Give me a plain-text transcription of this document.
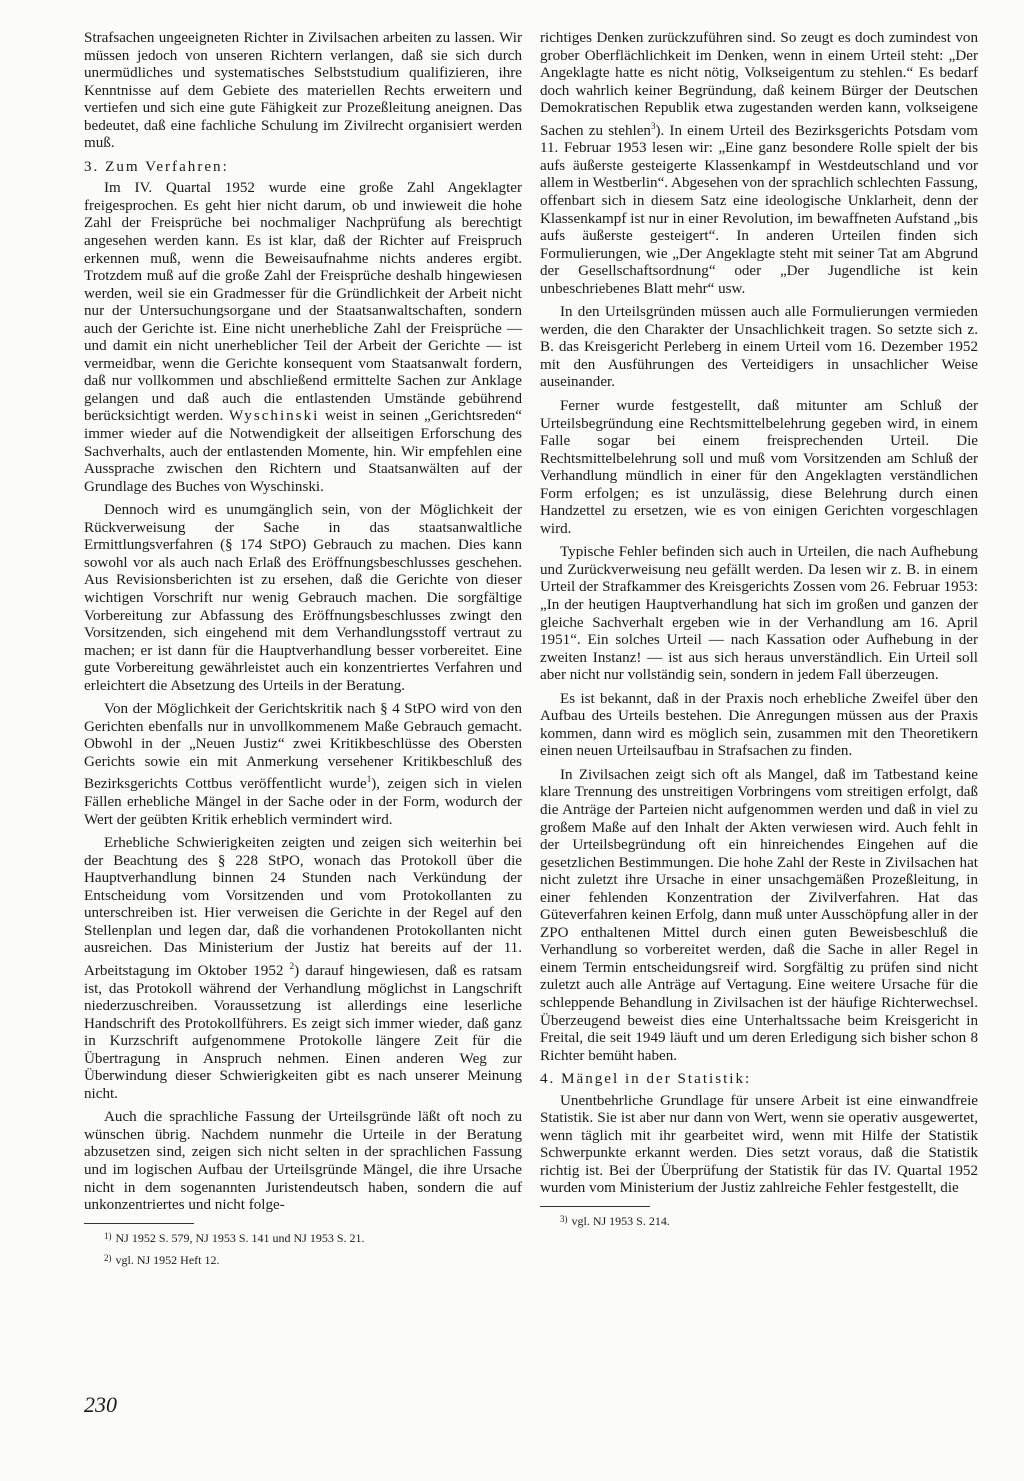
Strafsachen ungeeigneten Richter in Zivilsachen arbeiten zu lassen. Wir müssen jedoch von unseren Richtern verlangen, daß sie sich durch unermüdliches und systematisches Selbststudium qualifizieren, ihre Kenntnisse auf dem Gebiete des materiellen Rechts erweitern und vertiefen und sich eine gute Fähigkeit zur Prozeßleitung aneignen. Das bedeutet, daß eine fachliche Schulung im Zivilrecht organisiert werden muß.

3. Zum Verfahren:

Im IV. Quartal 1952 wurde eine große Zahl Angeklagter freigesprochen. Es geht hier nicht darum, ob und inwieweit die hohe Zahl der Freisprüche bei nochmaliger Nachprüfung als berechtigt angesehen werden kann. Es ist klar, daß der Richter auf Freispruch erkennen muß, wenn die Beweisaufnahme nichts anderes ergibt. Trotzdem muß auf die große Zahl der Freisprüche deshalb hingewiesen werden, weil sie ein Gradmesser für die Gründlichkeit der Arbeit nicht nur der Untersuchungsorgane und der Staatsanwaltschaften, sondern auch der Gerichte ist. Eine nicht unerhebliche Zahl der Freisprüche — und damit ein nicht unerheblicher Teil der Arbeit der Gerichte — ist vermeidbar, wenn die Gerichte konsequent vom Staatsanwalt fordern, daß nur vollkommen und abschließend ermittelte Sachen zur Anklage gelangen und daß auch die entlastenden Umstände gebührend berücksichtigt werden. Wyschinski weist in seinen „Gerichtsreden“ immer wieder auf die Notwendigkeit der allseitigen Erforschung des Sachverhalts, auch der entlastenden Momente, hin. Wir empfehlen eine Aussprache zwischen den Richtern und Staatsanwälten auf der Grundlage des Buches von Wyschinski.

Dennoch wird es unumgänglich sein, von der Möglichkeit der Rückverweisung der Sache in das staatsanwaltliche Ermittlungsverfahren (§ 174 StPO) Gebrauch zu machen. Dies kann sowohl vor als auch nach Erlaß des Eröffnungsbeschlusses geschehen. Aus Revisionsberichten ist zu ersehen, daß die Gerichte von dieser wichtigen Vorschrift nur wenig Gebrauch machen. Die sorgfältige Vorbereitung zur Abfassung des Eröffnungsbeschlusses zwingt den Vorsitzenden, sich eingehend mit dem Verhandlungsstoff vertraut zu machen; er ist dann für die Hauptverhandlung besser vorbereitet. Eine gute Vorbereitung gewährleistet auch ein konzentriertes Verfahren und erleichtert die Absetzung des Urteils in der Beratung.

Von der Möglichkeit der Gerichtskritik nach § 4 StPO wird von den Gerichten ebenfalls nur in unvollkommenem Maße Gebrauch gemacht. Obwohl in der „Neuen Justiz“ zwei Kritikbeschlüsse des Obersten Gerichts sowie ein mit Anmerkung versehener Kritikbeschluß des Bezirksgerichts Cottbus veröffentlicht wurde$^1$), zeigen sich in vielen Fällen erhebliche Mängel in der Sache oder in der Form, wodurch der Wert der geübten Kritik erheblich vermindert wird.

Erhebliche Schwierigkeiten zeigten und zeigen sich weiterhin bei der Beachtung des § 228 StPO, wonach das Protokoll über die Hauptverhandlung binnen 24 Stunden nach Verkündung der Entscheidung vom Vorsitzenden und vom Protokollanten zu unterschreiben ist. Hier verweisen die Gerichte in der Regel auf den Stellenplan und legen dar, daß die vorhandenen Protokollanten nicht ausreichen. Das Ministerium der Justiz hat bereits auf der 11. Arbeitstagung im Oktober 1952 $^2$) darauf hingewiesen, daß es ratsam ist, das Protokoll während der Verhandlung möglichst in Langschrift niederzuschreiben. Voraussetzung ist allerdings eine leserliche Handschrift des Protokollführers. Es zeigt sich immer wieder, daß ganz in Kurzschrift aufgenommene Protokolle längere Zeit für die Übertragung in Anspruch nehmen. Einen anderen Weg zur Überwindung dieser Schwierigkeiten gibt es nach unserer Meinung nicht.

Auch die sprachliche Fassung der Urteilsgründe läßt oft noch zu wünschen übrig. Nachdem nunmehr die Urteile in der Beratung abzusetzen sind, zeigen sich nicht selten in der sprachlichen Fassung und im logischen Aufbau der Urteilsgründe Mängel, die ihre Ursache nicht in dem sogenannten Juristendeutsch haben, sondern die auf unkonzentriertes und nicht folge-

$^{1)}$ NJ 1952 S. 579, NJ 1953 S. 141 und NJ 1953 S. 21.

$^{2)}$ vgl. NJ 1952 Heft 12.

richtiges Denken zurückzuführen sind. So zeugt es doch zumindest von grober Oberflächlichkeit im Denken, wenn in einem Urteil steht: „Der Angeklagte hatte es nicht nötig, Volkseigentum zu stehlen.“ Es bedarf doch wahrlich keiner Begründung, daß keinem Bürger der Deutschen Demokratischen Republik etwa zugestanden werden kann, volkseigene Sachen zu stehlen$^3$). In einem Urteil des Bezirksgerichts Potsdam vom 11. Februar 1953 lesen wir: „Eine ganz besondere Rolle spielt der bis aufs äußerste gesteigerte Klassenkampf in Westdeutschland und vor allem in Westberlin“. Abgesehen von der sprachlich schlechten Fassung, offenbart sich in diesem Satz eine ideologische Unklarheit, denn der Klassenkampf ist nur in einer Revolution, im bewaffneten Aufstand „bis aufs äußerste gesteigert“. In anderen Urteilen finden sich Formulierungen, wie „Der Angeklagte steht mit seiner Tat am Abgrund der Gesellschaftsordnung“ oder „Der Jugendliche ist kein unbeschriebenes Blatt mehr“ usw.

In den Urteilsgründen müssen auch alle Formulierungen vermieden werden, die den Charakter der Unsachlichkeit tragen. So setzte sich z. B. das Kreisgericht Perleberg in einem Urteil vom 16. Dezember 1952 mit den Ausführungen des Verteidigers in unsachlicher Weise auseinander.

Ferner wurde festgestellt, daß mitunter am Schluß der Urteilsbegründung eine Rechtsmittelbelehrung gegeben wird, in einem Falle sogar bei einem freisprechenden Urteil. Die Rechtsmittelbelehrung soll und muß vom Vorsitzenden am Schluß der Verhandlung mündlich in einer für den Angeklagten verständlichen Form erfolgen; es ist unzulässig, diese Belehrung durch einen Handzettel zu ersetzen, wie es von einigen Gerichten vorgeschlagen wird.

Typische Fehler befinden sich auch in Urteilen, die nach Aufhebung und Zurückverweisung neu gefällt werden. Da lesen wir z. B. in einem Urteil der Strafkammer des Kreisgerichts Zossen vom 26. Februar 1953: „In der heutigen Hauptverhandlung hat sich im großen und ganzen der gleiche Sachverhalt ergeben wie in der Verhandlung am 16. April 1951“. Ein solches Urteil — nach Kassation oder Aufhebung in der zweiten Instanz! — ist aus sich heraus unverständlich. Ein Urteil soll aber nicht nur vollständig sein, sondern in jedem Fall überzeugen.

Es ist bekannt, daß in der Praxis noch erhebliche Zweifel über den Aufbau des Urteils bestehen. Die Anregungen müssen aus der Praxis kommen, dann wird es möglich sein, zusammen mit den Theoretikern einen neuen Urteilsaufbau in Strafsachen zu finden.

In Zivilsachen zeigt sich oft als Mangel, daß im Tatbestand keine klare Trennung des unstreitigen Vorbringens vom streitigen erfolgt, daß die Anträge der Parteien nicht aufgenommen werden und daß in viel zu großem Maße auf den Inhalt der Akten verwiesen wird. Auch fehlt in der Urteilsbegründung oft ein hinreichendes Eingehen auf die gesetzlichen Bestimmungen. Die hohe Zahl der Reste in Zivilsachen hat nicht zuletzt ihre Ursache in einer unsachgemäßen Prozeßleitung, in einer fehlenden Konzentration der Zivilverfahren. Hat das Güteverfahren keinen Erfolg, dann muß unter Ausschöpfung aller in der ZPO enthaltenen Mittel durch einen guten Beweisbeschluß die Verhandlung so vorbereitet werden, daß die Sache in aller Regel in einem Termin entscheidungsreif wird. Sorgfältig zu prüfen sind nicht zuletzt auch alle Anträge auf Vertagung. Eine weitere Ursache für die schleppende Behandlung in Zivilsachen ist der häufige Richterwechsel. Überzeugend beweist dies eine Unterhaltssache beim Kreisgericht in Freital, die seit 1949 läuft und um deren Erledigung sich bisher schon 8 Richter bemüht haben.

4. Mängel in der Statistik:

Unentbehrliche Grundlage für unsere Arbeit ist eine einwandfreie Statistik. Sie ist aber nur dann von Wert, wenn sie operativ ausgewertet, wenn täglich mit ihr gearbeitet wird, wenn mit Hilfe der Statistik Schwerpunkte erkannt werden. Dies setzt voraus, daß die Statistik richtig ist. Bei der Überprüfung der Statistik für das IV. Quartal 1952 wurden vom Ministerium der Justiz zahlreiche Fehler festgestellt, die

$^{3)}$ vgl. NJ 1953 S. 214.

230
